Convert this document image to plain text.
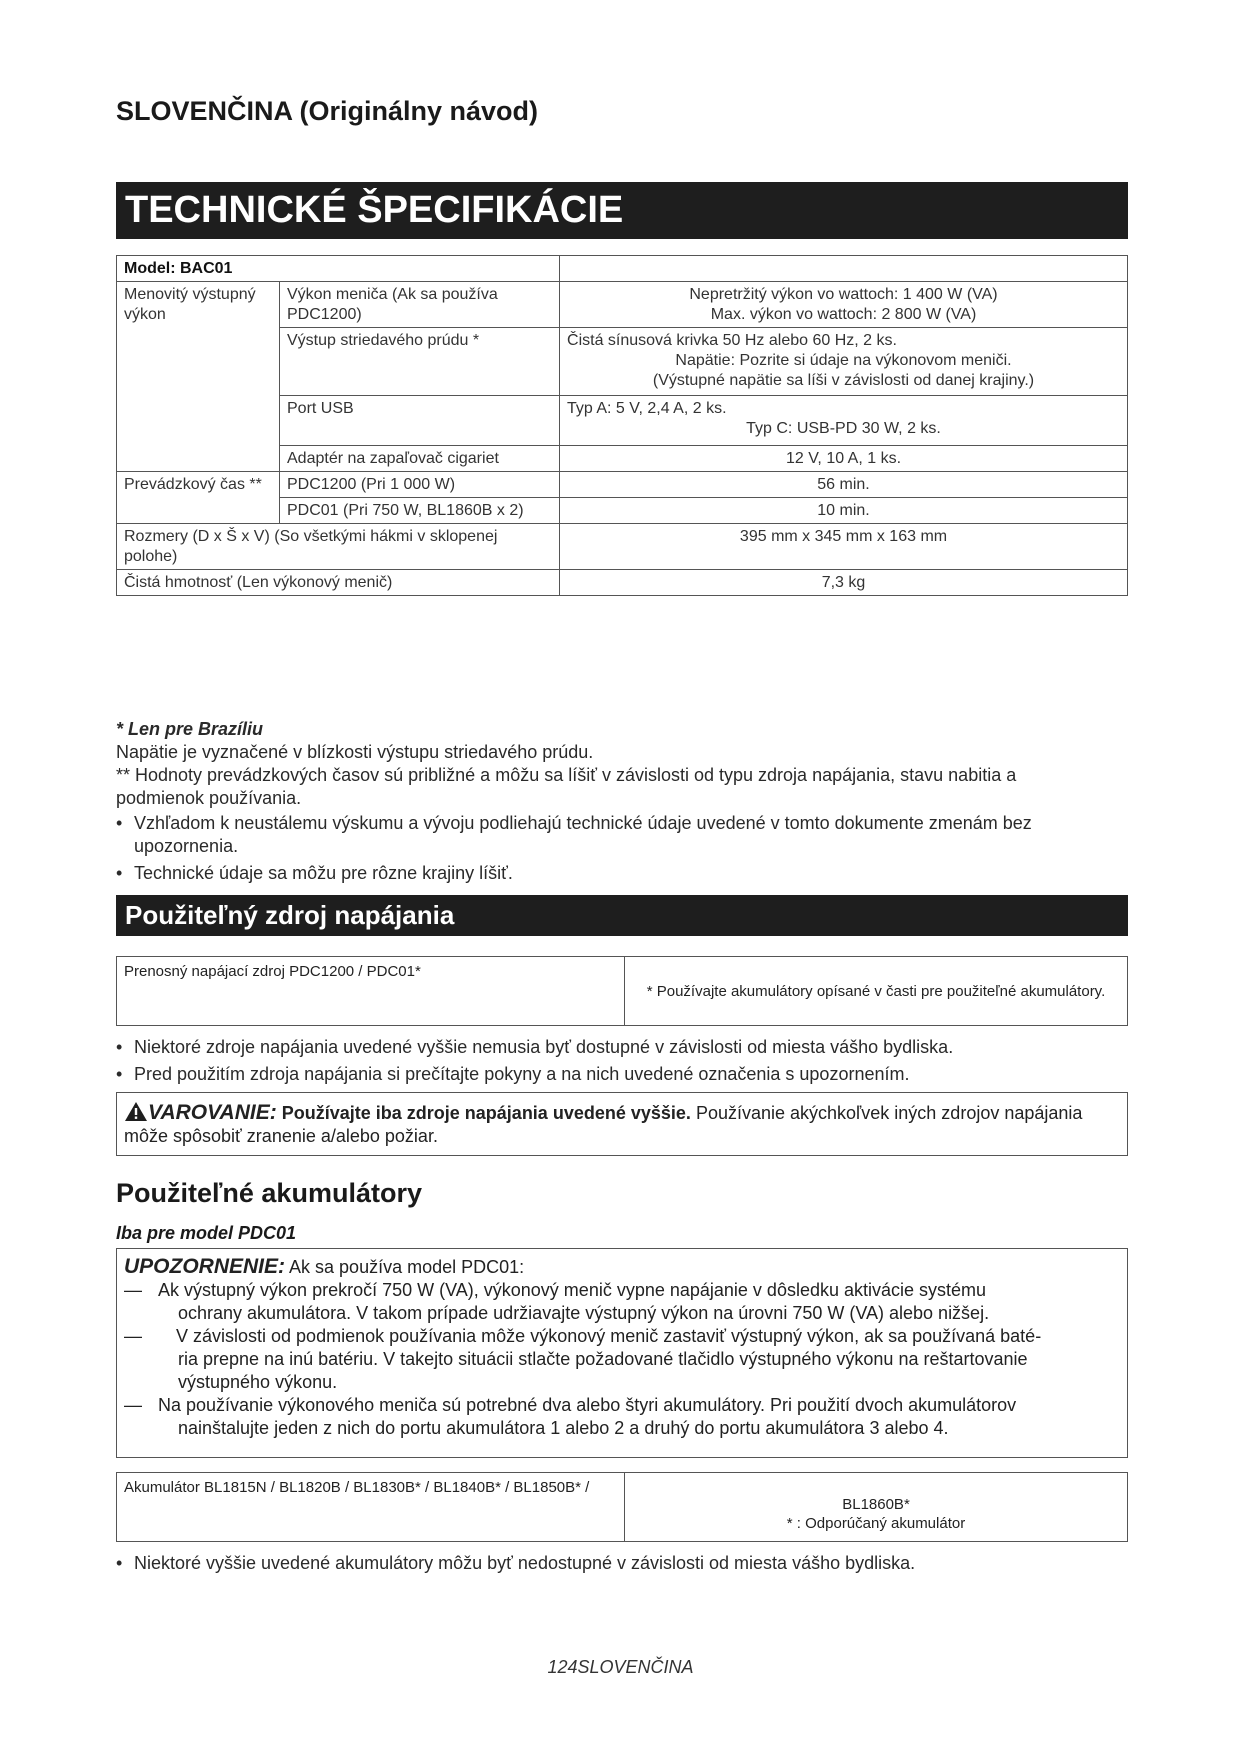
SLOVENČINA (Originálny návod)
TECHNICKÉ ŠPECIFIKÁCIE
Model: BAC01		
Menovitý výstupný výkon	Výkon meniča (Ak sa používa PDC1200)	Nepretržitý výkon vo wattoch: 1 400 W (VA)
Max. výkon vo wattoch: 2 800 W (VA)

	Výstup striedavého prúdu *	Čistá sínusová krivka 50 Hz alebo 60 Hz, 2 ks.
Napätie: Pozrite si údaje na výkonovom meniči.
(Výstupné napätie sa líši v závislosti od danej krajiny.)

	Port USB	Typ A: 5 V, 2,4 A, 2 ks.
Typ C: USB-PD 30 W, 2 ks.

	Adaptér na zapaľovač cigariet	12 V, 10 A, 1 ks.
Prevádzkový čas **	PDC1200 (Pri 1 000 W)	56 min.
	PDC01 (Pri 750 W, BL1860B x 2)	10 min.
Rozmery (D x Š x V) (So všetkými hákmi v sklopenej polohe)		395 mm x 345 mm x 163 mm
Čistá hmotnosť (Len výkonový menič)		7,3 kg
* Len pre Brazíliu
Napätie je vyznačené v blízkosti výstupu striedavého prúdu.
** Hodnoty prevádzkových časov sú približné a môžu sa líšiť v závislosti od typu zdroja napájania, stavu nabitia a podmienok používania.
• Vzhľadom k neustálemu výskumu a vývoju podliehajú technické údaje uvedené v tomto dokumente zmenám bez upozornenia.
• Technické údaje sa môžu pre rôzne krajiny líšiť.
Použiteľný zdroj napájania
Prenosný napájací zdroj PDC1200 / PDC01*
* Používajte akumulátory opísané v časti pre použiteľné akumulátory.
• Niektoré zdroje napájania uvedené vyššie nemusia byť dostupné v závislosti od miesta vášho bydliska.
• Pred použitím zdroja napájania si prečítajte pokyny a na nich uvedené označenia s upozornením.
VAROVANIE: Používajte iba zdroje napájania uvedené vyššie. Používanie akýchkoľvek iných zdrojov napájania môže spôsobiť zranenie a/alebo požiar.
Použiteľné akumulátory
Iba pre model PDC01
UPOZORNENIE: Ak sa používa model PDC01:
— Ak výstupný výkon prekročí 750 W (VA), výkonový menič vypne napájanie v dôsledku aktivácie systému
ochrany akumulátora. V takom prípade udržiavajte výstupný výkon na úrovni 750 W (VA) alebo nižšej.
—	V závislosti od podmienok používania môže výkonový menič zastaviť výstupný výkon, ak sa používaná baté-
ria prepne na inú batériu. V takejto situácii stlačte požadované tlačidlo výstupného výkonu na reštartovanie
výstupného výkonu.
— Na používanie výkonového meniča sú potrebné dva alebo štyri akumulátory. Pri použití dvoch akumulátorov
nainštalujte jeden z nich do portu akumulátora 1 alebo 2 a druhý do portu akumulátora 3 alebo 4.
Akumulátor BL1815N / BL1820B / BL1830B* / BL1840B* / BL1850B* /
BL1860B*
* : Odporúčaný akumulátor
• Niektoré vyššie uvedené akumulátory môžu byť nedostupné v závislosti od miesta vášho bydliska.
124SLOVENČINA
